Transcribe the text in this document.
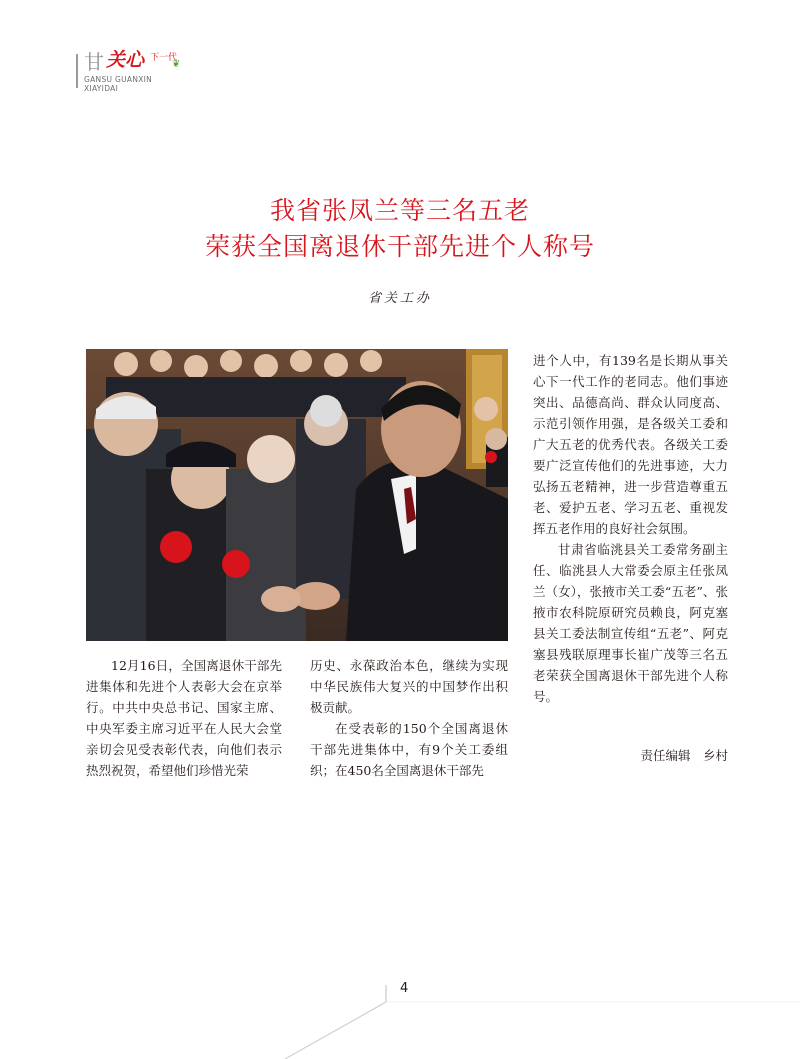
甘 关心 下一代
❦
GANSU GUANXIN
XIAYIDAI
我省张凤兰等三名五老
荣获全国离退休干部先进个人称号
省关工办

12月16日，全国离退休干部先进集体和先进个人表彰大会在京举行。中共中央总书记、国家主席、中央军委主席习近平在人民大会堂亲切会见受表彰代表，向他们表示热烈祝贺，希望他们珍惜光荣

历史、永葆政治本色，继续为实现中华民族伟大复兴的中国梦作出积极贡献。

在受表彰的150个全国离退休干部先进集体中，有9个关工委组织；在450名全国离退休干部先

进个人中，有139名是长期从事关心下一代工作的老同志。他们事迹突出、品德高尚、群众认同度高、示范引领作用强，是各级关工委和广大五老的优秀代表。各级关工委要广泛宣传他们的先进事迹，大力弘扬五老精神，进一步营造尊重五老、爱护五老、学习五老、重视发挥五老作用的良好社会氛围。

甘肃省临洮县关工委常务副主任、临洮县人大常委会原主任张凤兰（女），张掖市关工委“五老”、张掖市农科院原研究员赖良，阿克塞县关工委法制宣传组“五老”、阿克塞县残联原理事长崔广茂等三名五老荣获全国离退休干部先进个人称号。

责任编辑　乡村
4
